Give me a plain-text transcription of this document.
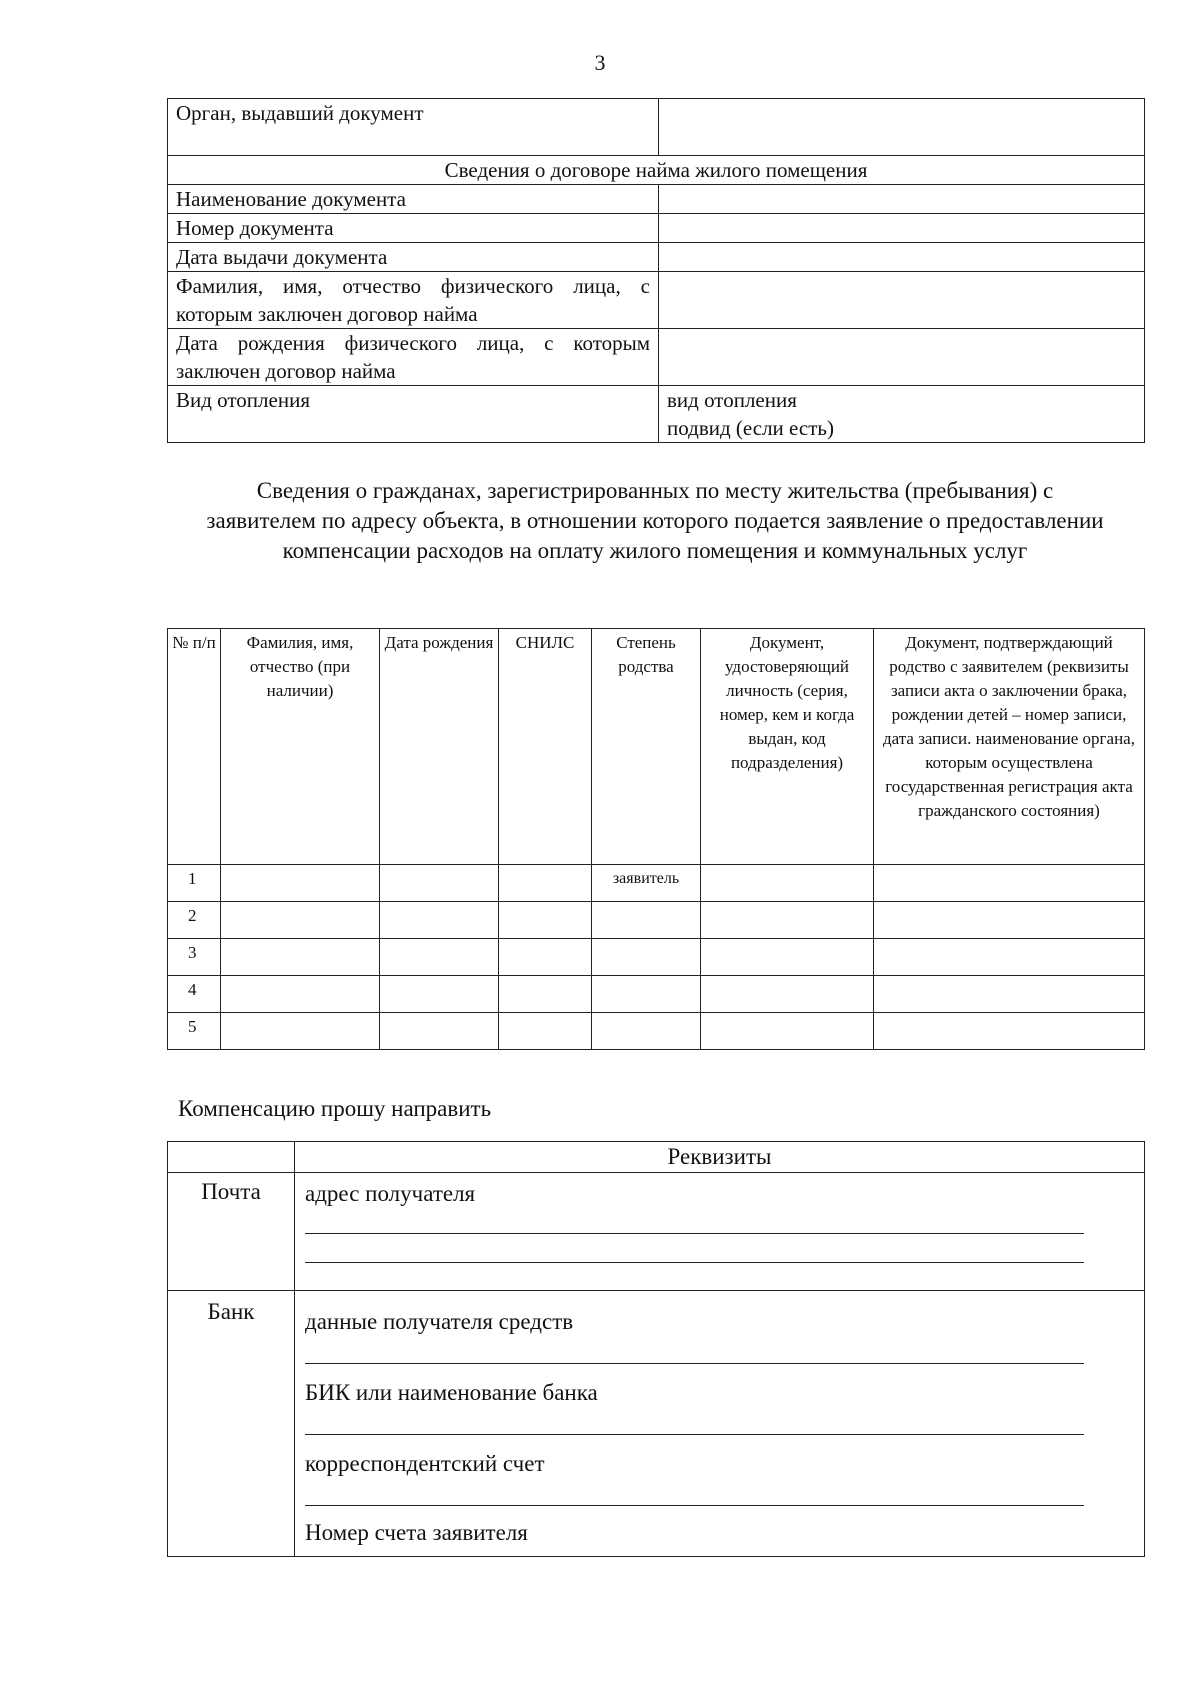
3
Орган, выдавший документ	
Сведения о договоре найма жилого помещения	
Наименование документа	
Номер документа	
Дата выдачи документа	
Фамилия, имя, отчество физического лица, с которым заключен договор найма	
Дата рождения физического лица, с которым заключен договор найма	
Вид отопления	вид отопления
подвид (если есть)
Сведения о гражданах, зарегистрированных по месту жительства (пребывания) с заявителем по адресу объекта, в отношении которого подается заявление о предоставлении компенсации расходов на оплату жилого помещения и коммунальных услуг
№ п/п	Фамилия, имя, отчество (при наличии)	Дата рождения	СНИЛС	Степень родства	Документ, удостоверяющий личность (серия, номер, кем и когда выдан, код подразделения)	Документ, подтверждающий родство с заявителем (реквизиты записи акта о заключении брака, рождении детей – номер записи, дата записи. наименование органа, которым осуществлена государственная регистрация акта гражданского состояния)
1				заявитель		
2						
3						
4						
5						
Компенсацию прошу направить
	Реквизиты
Почта	адрес получателя

Банк	данные получателя средств
БИК или наименование банка
корреспондентский счет
Номер счета заявителя
